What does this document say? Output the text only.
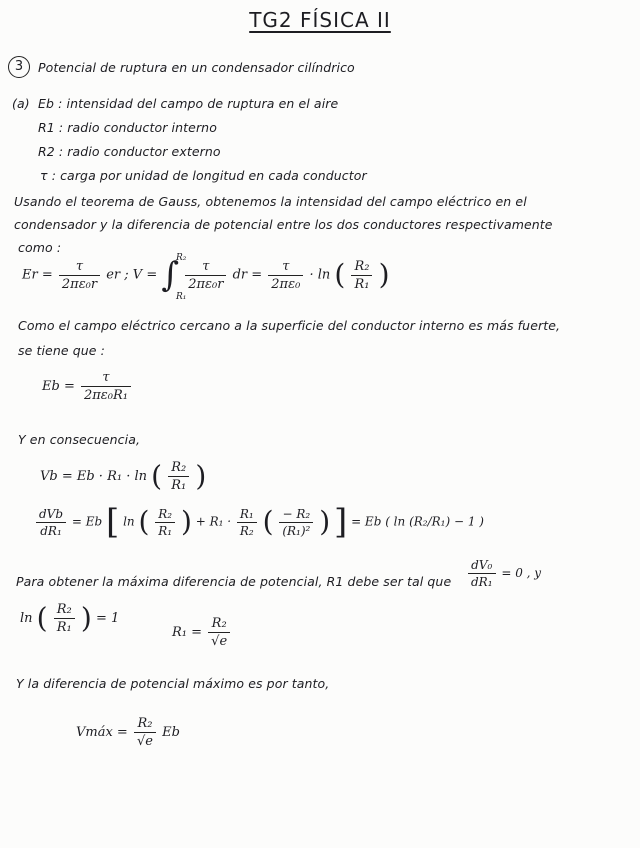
TG2 FÍSICA II
3	Potencial de ruptura en un condensador cilíndrico
(a) Eb : intensidad del campo de ruptura en el aire
R1 : radio conductor interno
R2 : radio conductor externo
τ : carga por unidad de longitud en cada conductor
Usando el teorema de Gauss, obtenemos la intensidad del campo eléctrico en el
condensador y la diferencia de potencial entre los dos conductores respectivamente
como :
$Er = \frac{\tau}{\text{2πε₀r}}$ er ; V = ∫ $\frac{\tau}{\text{2πε₀r}}$ dr = $\frac{\tau}{\text{2πε₀}} \cdot \ln$ ( $\frac{\text{R₂}}{\text{R₁}}$ )
R₂
R₁
Como el campo eléctrico cercano a la superficie del conductor interno es más fuerte,
se tiene que :
$Eb = \frac{\tau}{\text{2πε₀R₁}}$
Y en consecuencia,
Vb = Eb · R₁ · ln ( $\frac{\text{R₂}}{\text{R₁}}$ )
$\frac{\text{dVb}}{\text{dR₁}} = Eb$ [ ln ( $\frac{\text{R₂}}{\text{R₁}}$ ) + $R_1 \cdot \frac{\text{R₁}}{\text{R₂}}$ ( $\frac{\text{− R₂}}{\text{(R₁)²}}$ ) ] = Eb ( ln (R₂/R₁) − 1 )
Para obtener la máxima diferencia de potencial, R1 debe ser tal que $\frac{\text{dV₀}}{\text{dR₁}} = 0$ , y
ln ( $\frac{\text{R₂}}{\text{R₁}}$ ) = 1
$R_1 = \frac{\text{R₂}}{√e}$
Y la diferencia de potencial máximo es por tanto,
Vmáx = $\frac{\text{R₂}}{√e}$ Eb
